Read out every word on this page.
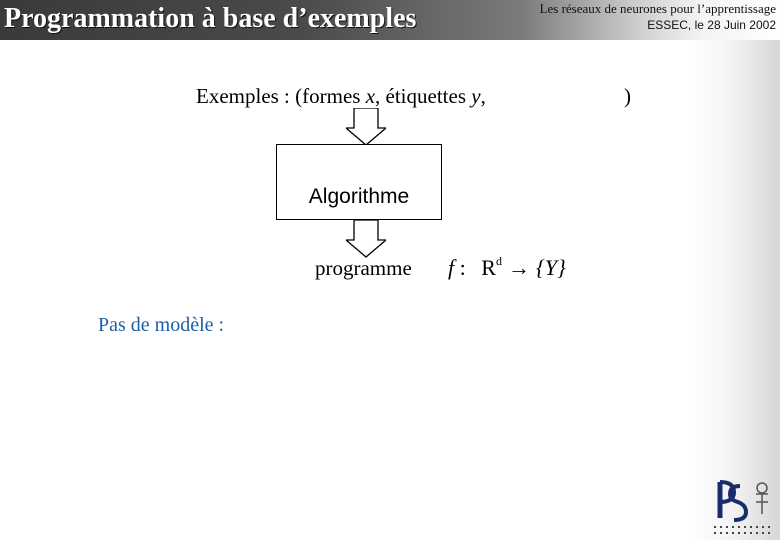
Programmation à base d’exemples	Les réseaux de neurones pour l’apprentissage
ESSEC, le 28 Juin 2002
Exemples : (formes x, étiquettes y,	)
Algorithme
programme f : $R^d \to \{Y\}$
Pas de modèle :
